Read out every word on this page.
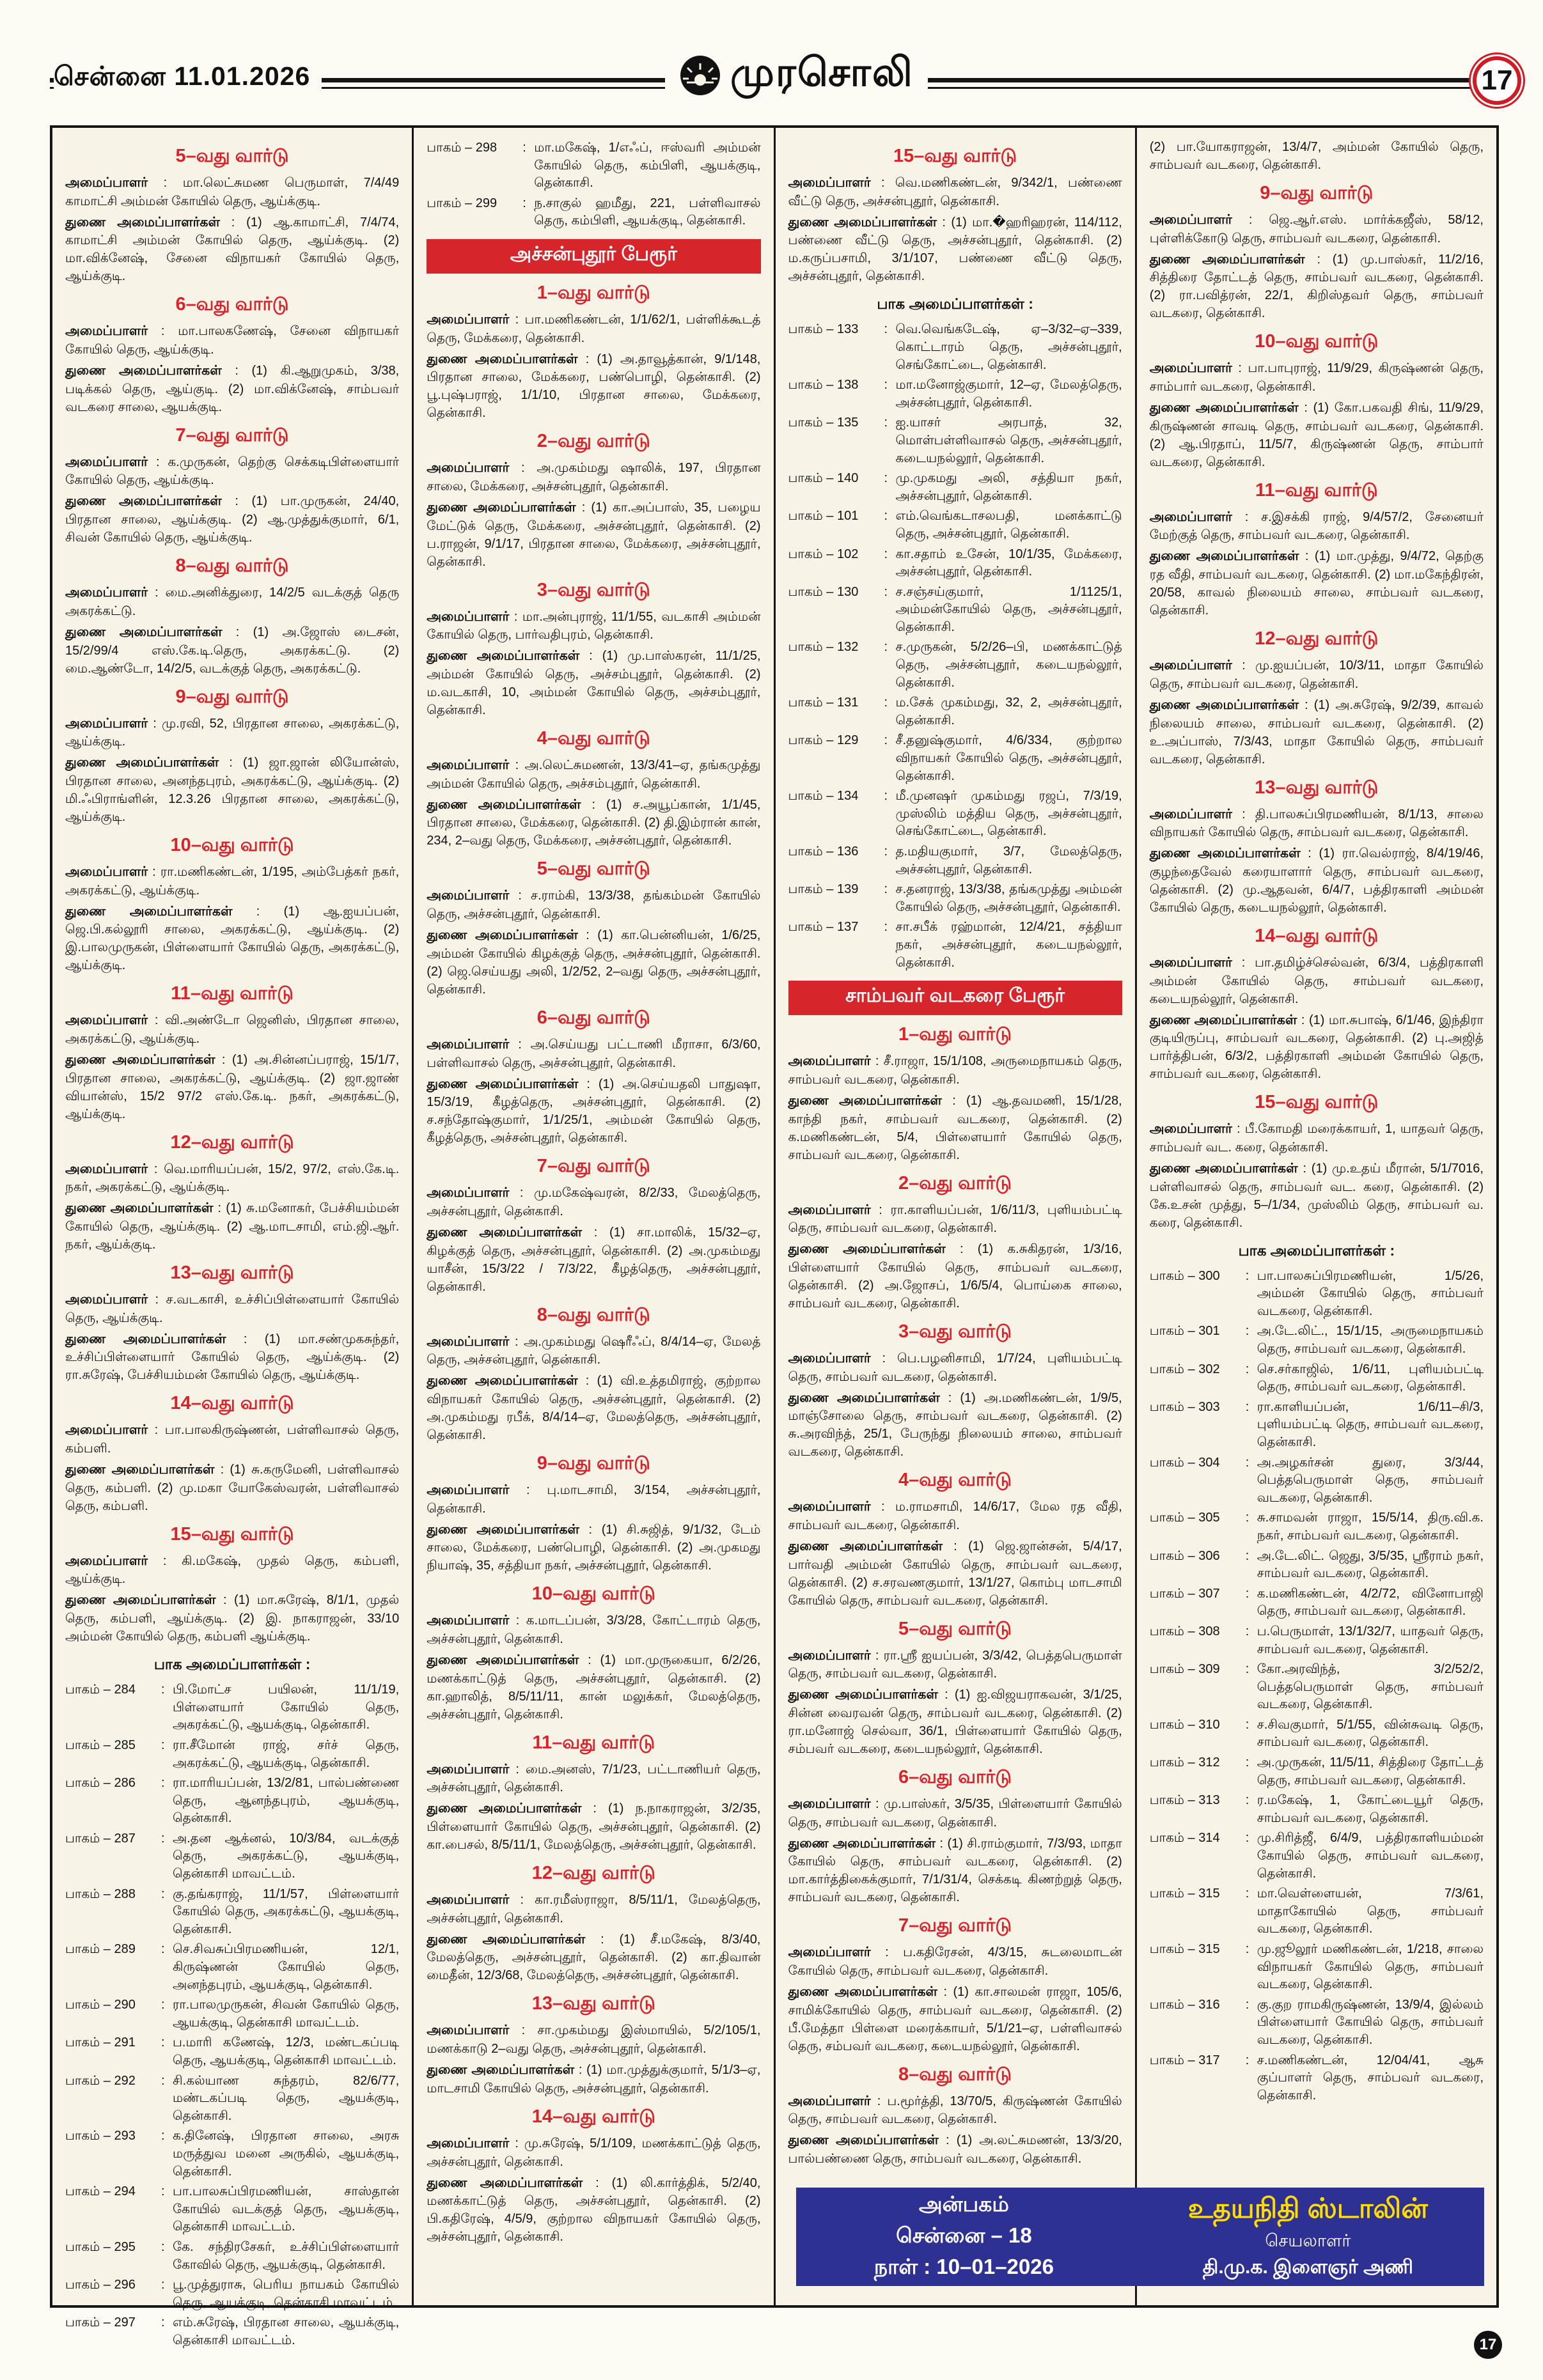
சென்னை 11.01.2026	முரசொலி	17
5–வது வார்டு

அமைப்பாளர் : மா.லெட்சுமண பெருமாள், 7/4/49 காமாட்சி அம்மன் கோயில் தெரு, ஆய்க்குடி.

துணை அமைப்பாளர்கள் : (1) ஆ.காமாட்சி, 7/4/74, காமாட்சி அம்மன் கோயில் தெரு, ஆய்க்குடி. (2) மா.விக்னேஷ், சேனை விநாயகர் கோயில் தெரு, ஆய்க்குடி.

6–வது வார்டு

அமைப்பாளர் : மா.பாலகணேஷ், சேனை விநாயகர் கோயில் தெரு, ஆய்க்குடி.

துணை அமைப்பாளர்கள் : (1) கி.ஆறுமுகம், 3/38, படிக்கல் தெரு, ஆய்குடி. (2) மா.விக்னேஷ், சாம்பவர் வடகரை சாலை, ஆயக்குடி.

7–வது வார்டு

அமைப்பாளர் : க.முருகன், தெற்கு செக்கடிபிள்ளையார் கோயில் தெரு, ஆய்க்குடி.

துணை அமைப்பாளர்கள் : (1) பா.முருகன், 24/40, பிரதான சாலை, ஆய்க்குடி. (2) ஆ.முத்துக்குமார், 6/1, சிவன் கோயில் தெரு, ஆய்க்குடி.

8–வது வார்டு

அமைப்பாளர் : மை.அனிக்துரை, 14/2/5 வடக்குத் தெரு அகரக்கட்டு.

துணை அமைப்பாளர்கள் : (1) அ.ஜோஸ் டைசன், 15/2/99/4 எஸ்.கே.டி.தெரு, அகரக்கட்டு. (2) மை.ஆண்டோ, 14/2/5, வடக்குத் தெரு, அகரக்கட்டு.

9–வது வார்டு

அமைப்பாளர் : மு.ரவி, 52, பிரதான சாலை, அகரக்கட்டு, ஆய்க்குடி.

துணை அமைப்பாளர்கள் : (1) ஜா.ஜான் லியோன்ஸ், பிரதான சாலை, அனந்தபுரம், அகரக்கட்டு, ஆய்க்குடி. (2) மி.ஃபிராங்ளின், 12.3.26 பிரதான சாலை, அகரக்கட்டு, ஆய்க்குடி.

10–வது வார்டு

அமைப்பாளர் : ரா.மணிகண்டன், 1/195, அம்பேத்கர் நகர், அகரக்கட்டு, ஆய்க்குடி.

துணை அமைப்பாளர்கள் : (1) ஆ.ஐயப்பன், ஜெ.பி.கல்லூரி சாலை, அகரக்கட்டு, ஆய்க்குடி. (2) இ.பாலமுருகன், பிள்ளையார் கோயில் தெரு, அகரக்கட்டு, ஆய்க்குடி.

11–வது வார்டு

அமைப்பாளர் : வி.அண்டோ ஜெனிஸ், பிரதான சாலை, அகரக்கட்டு, ஆய்க்குடி.

துணை அமைப்பாளர்கள் : (1) அ.சின்னப்பராஜ், 15/1/7, பிரதான சாலை, அகரக்கட்டு, ஆய்க்குடி. (2) ஜா.ஜாண் வியான்ஸ், 15/2 97/2 எஸ்.கே.டி. நகர், அகரக்கட்டு, ஆய்க்குடி.

12–வது வார்டு

அமைப்பாளர் : வெ.மாரியப்பன், 15/2, 97/2, எஸ்.கே.டி. நகர், அகரக்கட்டு, ஆய்க்குடி.

துணை அமைப்பாளர்கள் : (1) சு.மனோகர், பேச்சியம்மன் கோயில் தெரு, ஆய்க்குடி. (2) ஆ.மாடசாமி, எம்.ஜி.ஆர். நகர், ஆய்க்குடி.

13–வது வார்டு

அமைப்பாளர் : ச.வடகாசி, உச்சிப்பிள்ளையார் கோயில் தெரு, ஆய்க்குடி.

துணை அமைப்பாளர்கள் : (1) மா.சண்முகசுந்தர், உச்சிப்பிள்ளையார் கோயில் தெரு, ஆய்க்குடி. (2) ரா.சுரேஷ், பேச்சியம்மன் கோயில் தெரு, ஆய்க்குடி.

14–வது வார்டு

அமைப்பாளர் : பா.பாலகிருஷ்ணன், பள்ளிவாசல் தெரு, கம்பளி.

துணை அமைப்பாளர்கள் : (1) சு.கருமேனி, பள்ளிவாசல் தெரு, கம்பளி. (2) மு.மகா யோகேஸ்வரன், பள்ளிவாசல் தெரு, கம்பளி.

15–வது வார்டு

அமைப்பாளர் : கி.மகேஷ், முதல் தெரு, கம்பளி, ஆய்க்குடி.

துணை அமைப்பாளர்கள் : (1) மா.சுரேஷ், 8/1/1, முதல் தெரு, கம்பளி, ஆய்க்குடி. (2) இ. நாகராஜன், 33/10 அம்மன் கோயில் தெரு, கம்பளி ஆய்க்குடி.

பாக அமைப்பாளர்கள் :
பாகம் – 284	: பி.மோட்ச பயிலன், 11/1/19, பிள்ளையார் கோயில் தெரு, அகரக்கட்டு, ஆயக்குடி, தென்காசி.
பாகம் – 285	: ரா.சீமோன் ராஜ், சர்ச் தெரு, அகரக்கட்டு, ஆயக்குடி, தென்காசி.
பாகம் – 286	: ரா.மாரியப்பன், 13/2/81, பால்பண்ணை தெரு, ஆனந்தபுரம், ஆயக்குடி, தென்காசி.
பாகம் – 287	: அ.தன ஆக்னல், 10/3/84, வடக்குத் தெரு, அகரக்கட்டு, ஆயக்குடி, தென்காசி மாவட்டம்.
பாகம் – 288	: கு.தங்கராஜ், 11/1/57, பிள்ளையார் கோயில் தெரு, அகரக்கட்டு, ஆயக்குடி, தென்காசி.
பாகம் – 289	: செ.சிவசுப்பிரமணியன், 12/1, கிருஷ்ணன் கோயில் தெரு, அனந்தபுரம், ஆயக்குடி, தென்காசி.
பாகம் – 290	: ரா.பாலமுருகன், சிவன் கோயில் தெரு, ஆயக்குடி, தென்காசி மாவட்டம்.
பாகம் – 291	: ப.மாரி கணேஷ், 12/3, மண்டகப்படி தெரு, ஆயக்குடி, தென்காசி மாவட்டம்.
பாகம் – 292	: சி.கல்யாண சுந்தரம், 82/6/77, மண்டகப்படி தெரு, ஆயக்குடி, தென்காசி.
பாகம் – 293	: க.தினேஷ், பிரதான சாலை, அரசு மருத்துவ மனை அருகில், ஆயக்குடி, தென்காசி.
பாகம் – 294	: பா.பாலசுப்பிரமணியன், சாஸ்தான் கோயில் வடக்குத் தெரு, ஆயக்குடி, தென்காசி மாவட்டம்.
பாகம் – 295	: கே. சந்திரசேகர், உச்சிப்பிள்ளையார் கோவில் தெரு, ஆயக்குடி, தென்காசி.
பாகம் – 296	: பூ.முத்துராசு, பெரிய நாயகம் கோயில் தெரு, ஆயக்குடி, தென்காசி மாவட்டம்.
பாகம் – 297	: எம்.சுரேஷ், பிரதான சாலை, ஆயக்குடி, தென்காசி மாவட்டம்.
பாகம் – 298	: மா.மகேஷ், 1/எஃப், ஈஸ்வரி அம்மன் கோயில் தெரு, கம்பிளி, ஆயக்குடி, தென்காசி.
பாகம் – 299	: ந.சாகுல் ஹமீது, 221, பள்ளிவாசல் தெரு, கம்பிளி, ஆயக்குடி, தென்காசி.
அச்சன்புதூர் பேரூர்
1–வது வார்டு

அமைப்பாளர் : பா.மணிகண்டன், 1/1/62/1, பள்ளிக்கூடத் தெரு, மேக்கரை, தென்காசி.

துணை அமைப்பாளர்கள் : (1) அ.தாவூத்கான், 9/1/148, பிரதான சாலை, மேக்கரை, பண்பொழி, தென்காசி. (2) பூ.புஷ்பராஜ், 1/1/10, பிரதான சாலை, மேக்கரை, தென்காசி.

2–வது வார்டு

அமைப்பாளர் : அ.முகம்மது ஷாலிக், 197, பிரதான சாலை, மேக்கரை, அச்சன்புதூர், தென்காசி.

துணை அமைப்பாளர்கள் : (1) கா.அப்பாஸ், 35, பழைய மேட்டுக் தெரு, மேக்கரை, அச்சன்புதூர், தென்காசி. (2) ப.ராஜன், 9/1/17, பிரதான சாலை, மேக்கரை, அச்சன்புதூர், தென்காசி.

3–வது வார்டு

அமைப்பாளர் : மா.அன்புராஜ், 11/1/55, வடகாசி அம்மன் கோயில் தெரு, பார்வதிபுரம், தென்காசி.

துணை அமைப்பாளர்கள் : (1) மு.பாஸ்கரன், 11/1/25, அம்மன் கோயில் தெரு, அச்சம்புதூர், தென்காசி. (2) ம.வடகாசி, 10, அம்மன் கோயில் தெரு, அச்சம்புதூர், தென்காசி.

4–வது வார்டு

அமைப்பாளர் : அ.லெட்சுமணன், 13/3/41–ஏ, தங்கமுத்து அம்மன் கோயில் தெரு, அச்சம்புதூர், தென்காசி.

துணை அமைப்பாளர்கள் : (1) ச.அயூப்கான், 1/1/45, பிரதான சாலை, மேக்கரை, தென்காசி. (2) தி.இம்ரான் கான், 234, 2–வது தெரு, மேக்கரை, அச்சன்புதூர், தென்காசி.

5–வது வார்டு

அமைப்பாளர் : ச.ராம்கி, 13/3/38, தங்கம்மன் கோயில் தெரு, அச்சன்புதூர், தென்காசி.

துணை அமைப்பாளர்கள் : (1) கா.பென்னியன், 1/6/25, அம்மன் கோயில் கிழக்குத் தெரு, அச்சன்புதூர், தென்காசி. (2) ஜெ.செய்யது அலி, 1/2/52, 2–வது தெரு, அச்சன்புதூர், தென்காசி.

6–வது வார்டு

அமைப்பாளர் : அ.செய்யது பட்டாணி மீராசா, 6/3/60, பள்ளிவாசல் தெரு, அச்சன்புதூர், தென்காசி.

துணை அமைப்பாளர்கள் : (1) அ.செய்யதலி பாதுஷா, 15/3/19, கீழத்தெரு, அச்சன்புதூர், தென்காசி. (2) ச.சந்தோஷ்குமார், 1/1/25/1, அம்மன் கோயில் தெரு, கீழத்தெரு, அச்சன்புதூர், தென்காசி.

7–வது வார்டு

அமைப்பாளர் : மு.மகேஷ்வரன், 8/2/33, மேலத்தெரு, அச்சன்புதூர், தென்காசி.

துணை அமைப்பாளர்கள் : (1) சா.மாலிக், 15/32–ஏ, கிழக்குத் தெரு, அச்சன்புதூர், தென்காசி. (2) அ.முகம்மது யாசீன், 15/3/22 / 7/3/22, கீழத்தெரு, அச்சன்புதூர், தென்காசி.

8–வது வார்டு

அமைப்பாளர் : அ.முகம்மது ஷெரீஃப், 8/4/14–ஏ, மேலத் தெரு, அச்சன்புதூர், தென்காசி.

துணை அமைப்பாளர்கள் : (1) வி.உத்தமிராஜ், குற்றால விநாயகர் கோயில் தெரு, அச்சன்புதூர், தென்காசி. (2) அ.முகம்மது ரபீக், 8/4/14–ஏ, மேலத்தெரு, அச்சன்புதூர், தென்காசி.

9–வது வார்டு

அமைப்பாளர் : பு.மாடசாமி, 3/154, அச்சன்புதூர், தென்காசி.

துணை அமைப்பாளர்கள் : (1) சி.சுஜித், 9/1/32, டேம் சாலை, மேக்கரை, பண்பொழி, தென்காசி. (2) அ.முகமது நியாஷ், 35, சத்தியா நகர், அச்சன்புதூர், தென்காசி.

10–வது வார்டு

அமைப்பாளர் : க.மாடப்பன், 3/3/28, கோட்டாரம் தெரு, அச்சன்புதூர், தென்காசி.

துணை அமைப்பாளர்கள் : (1) மா.முருகையா, 6/2/26, மணக்காட்டுத் தெரு, அச்சன்புதூர், தென்காசி. (2) கா.ஹாலித், 8/5/11/11, கான் மலுக்கர், மேலத்தெரு, அச்சன்புதூர், தென்காசி.

11–வது வார்டு

அமைப்பாளர் : மை.அனஸ், 7/1/23, பட்டாணியர் தெரு, அச்சன்புதூர், தென்காசி.

துணை அமைப்பாளர்கள் : (1) ந.நாகராஜன், 3/2/35, பிள்ளையார் கோயில் தெரு, அச்சன்புதூர், தென்காசி. (2) கா.பைசல், 8/5/11/1, மேலத்தெரு, அச்சன்புதூர், தென்காசி.

12–வது வார்டு

அமைப்பாளர் : கா.ரமீஸ்ராஜா, 8/5/11/1, மேலத்தெரு, அச்சன்புதூர், தென்காசி.

துணை அமைப்பாளர்கள் : (1) சீ.மகேஷ், 8/3/40, மேலத்தெரு, அச்சன்புதூர், தென்காசி. (2) கா.திவான் மைதீன், 12/3/68, மேலத்தெரு, அச்சன்புதூர், தென்காசி.

13–வது வார்டு

அமைப்பாளர் : சா.முகம்மது இஸ்மாயில், 5/2/105/1, மணக்காடு 2–வது தெரு, அச்சன்புதூர், தென்காசி.

துணை அமைப்பாளர்கள் : (1) மா.முத்துக்குமார், 5/1/3–ஏ, மாடசாமி கோயில் தெரு, அச்சன்புதூர், தென்காசி.

14–வது வார்டு

அமைப்பாளர் : மு.சுரேஷ், 5/1/109, மணக்காட்டுத் தெரு, அச்சன்புதூர், தென்காசி.

துணை அமைப்பாளர்கள் : (1) லி.கார்த்திக், 5/2/40, மணக்காட்டுத் தெரு, அச்சன்புதூர், தென்காசி. (2) பி.கதிரேஷ், 4/5/9, குற்றால விநாயகர் கோயில் தெரு, அச்சன்புதூர், தென்காசி.

15–வது வார்டு

அமைப்பாளர் : வெ.மணிகண்டன், 9/342/1, பண்ணை வீட்டு தெரு, அச்சன்புதூர், தென்காசி.

துணை அமைப்பாளர்கள் : (1) மா.�ஹரிஹரன், 114/112, பண்ணை வீட்டு தெரு, அச்சன்புதூர், தென்காசி. (2) ம.கருப்பசாமி, 3/1/107, பண்ணை வீட்டு தெரு, அச்சன்புதூர், தென்காசி.

பாக அமைப்பாளர்கள் :
பாகம் – 133	: வெ.வெங்கடேஷ், ஏ–3/32–ஏ–339, கொட்டாரம் தெரு, அச்சன்புதூர், செங்கோட்டை, தென்காசி.
பாகம் – 138	: மா.மனோஜ்குமார், 12–ஏ, மேலத்தெரு, அச்சன்புதூர், தென்காசி.
பாகம் – 135	: ஐ.யாசர் அரபாத், 32, மொள்பள்ளிவாசல் தெரு, அச்சன்புதூர், கடையநல்லூர், தென்காசி.
பாகம் – 140	: மு.முகமது அலி, சத்தியா நகர், அச்சன்புதூர், தென்காசி.
பாகம் – 101	: எம்.வெங்கடாசலபதி, மனக்காட்டு தெரு, அச்சன்புதூர், தென்காசி.
பாகம் – 102	: கா.சதாம் உசேன், 10/1/35, மேக்கரை, அச்சன்புதூர், தென்காசி.
பாகம் – 130	: ச.சஞ்சய்குமார், 1/1125/1, அம்மன்கோயில் தெரு, அச்சன்புதூர், தென்காசி.
பாகம் – 132	: ச.முருகன், 5/2/26–பி, மணக்காட்டுத் தெரு, அச்சன்புதூர், கடையநல்லூர், தென்காசி.
பாகம் – 131	: ம.சேக் முகம்மது, 32, 2, அச்சன்புதூர், தென்காசி.
பாகம் – 129	: சீ.தனுஷ்குமார், 4/6/334, குற்றால விநாயகர் கோயில் தெரு, அச்சன்புதூர், தென்காசி.
பாகம் – 134	: மீ.முனஷர் முகம்மது ரஜப், 7/3/19, முஸ்லிம் மத்திய தெரு, அச்சன்புதூர், செங்கோட்டை, தென்காசி.
பாகம் – 136	: த.மதியகுமார், 3/7, மேலத்தெரு, அச்சன்புதூர், தென்காசி.
பாகம் – 139	: ச.தனராஜ், 13/3/38, தங்கமுத்து அம்மன் கோயில் தெரு, அச்சன்புதூர், தென்காசி.
பாகம் – 137	: சா.சபீக் ரஹ்மான், 12/4/21, சத்தியா நகர், அச்சன்புதூர், கடையநல்லூர், தென்காசி.
சாம்பவர் வடகரை பேரூர்
1–வது வார்டு

அமைப்பாளர் : சீ.ராஜா, 15/1/108, அருமைநாயகம் தெரு, சாம்பவர் வடகரை, தென்காசி.

துணை அமைப்பாளர்கள் : (1) ஆ.தவமணி, 15/1/28, காந்தி நகர், சாம்பவர் வடகரை, தென்காசி. (2) க.மணிகண்டன், 5/4, பிள்ளையார் கோயில் தெரு, சாம்பவர் வடகரை, தென்காசி.

2–வது வார்டு

அமைப்பாளர் : ரா.காளியப்பன், 1/6/11/3, புளியம்பட்டி தெரு, சாம்பவர் வடகரை, தென்காசி.

துணை அமைப்பாளர்கள் : (1) க.சுகிதரன், 1/3/16, பிள்ளையார் கோயில் தெரு, சாம்பவர் வடகரை, தென்காசி. (2) அ.ஜோசப், 1/6/5/4, பொய்கை சாலை, சாம்பவர் வடகரை, தென்காசி.

3–வது வார்டு

அமைப்பாளர் : பெ.பழனிசாமி, 1/7/24, புளியம்பட்டி தெரு, சாம்பவர் வடகரை, தென்காசி.

துணை அமைப்பாளர்கள் : (1) அ.மணிகண்டன், 1/9/5, மாஞ்சோலை தெரு, சாம்பவர் வடகரை, தென்காசி. (2) சு.அரவிந்த், 25/1, பேருந்து நிலையம் சாலை, சாம்பவர் வடகரை, தென்காசி.

4–வது வார்டு

அமைப்பாளர் : ம.ராமசாமி, 14/6/17, மேல ரத வீதி, சாம்பவர் வடகரை, தென்காசி.

துணை அமைப்பாளர்கள் : (1) ஜெ.ஜான்சன், 5/4/17, பார்வதி அம்மன் கோயில் தெரு, சாம்பவர் வடகரை, தென்காசி. (2) ச.சரவணகுமார், 13/1/27, கொம்பு மாடசாமி கோயில் தெரு, சாம்பவர் வடகரை, தென்காசி.

5–வது வார்டு

அமைப்பாளர் : ரா.ஸ்ரீ ஐயப்பன், 3/3/42, பெத்தபெருமாள் தெரு, சாம்பவர் வடகரை, தென்காசி.

துணை அமைப்பாளர்கள் : (1) ஐ.விஜயராகவன், 3/1/25, சின்ன வைரவன் தெரு, சாம்பவர் வடகரை, தென்காசி. (2) ரா.மனோஜ் செல்வா, 36/1, பிள்ளையார் கோயில் தெரு, சம்பவர் வடகரை, கடையநல்லூர், தென்காசி.

6–வது வார்டு

அமைப்பாளர் : மு.பாஸ்கர், 3/5/35, பிள்ளையார் கோயில் தெரு, சாம்பவர் வடகரை, தென்காசி.

துணை அமைப்பாளர்கள் : (1) சி.ராம்குமார், 7/3/93, மாதா கோயில் தெரு, சாம்பவர் வடகரை, தென்காசி. (2) மா.கார்த்திகைக்குமார், 7/1/31/4, செக்கடி கிணற்றுத் தெரு, சாம்பவர் வடகரை, தென்காசி.

7–வது வார்டு

அமைப்பாளர் : ப.கதிரேசன், 4/3/15, சுடலைமாடன் கோயில் தெரு, சாம்பவர் வடகரை, தென்காசி.

துணை அமைப்பாளர்கள் : (1) கா.சாலமன் ராஜா, 105/6, சாமிக்கோயில் தெரு, சாம்பவர் வடகரை, தென்காசி. (2) பீ.மேத்தா பிள்ளை மரைக்காயர், 5/1/21–ஏ, பள்ளிவாசல் தெரு, சம்பவர் வடகரை, கடையநல்லூர், தென்காசி.

8–வது வார்டு

அமைப்பாளர் : ப.மூர்த்தி, 13/70/5, கிருஷ்ணன் கோயில் தெரு, சாம்பவர் வடகரை, தென்காசி.

துணை அமைப்பாளர்கள் : (1) அ.லட்சுமணன், 13/3/20, பால்பண்ணை தெரு, சாம்பவர் வடகரை, தென்காசி.

(2) பா.யோகராஜன், 13/4/7, அம்மன் கோயில் தெரு, சாம்பவர் வடகரை, தென்காசி.

9–வது வார்டு

அமைப்பாளர் : ஜெ.ஆர்.எஸ். மார்க்கஜீஸ், 58/12, புள்ளிக்கோடு தெரு, சாம்பவர் வடகரை, தென்காசி.

துணை அமைப்பாளர்கள் : (1) மு.பாஸ்கர், 11/2/16, சித்திரை தோட்டத் தெரு, சாம்பவர் வடகரை, தென்காசி. (2) ரா.பவித்ரன், 22/1, கிறிஸ்தவர் தெரு, சாம்பவர் வடகரை, தென்காசி.

10–வது வார்டு

அமைப்பாளர் : பா.பாபுராஜ், 11/9/29, கிருஷ்ணன் தெரு, சாம்பார் வடகரை, தென்காசி.

துணை அமைப்பாளர்கள் : (1) கோ.பகவதி சிங், 11/9/29, கிருஷ்ணன் சாவடி தெரு, சாம்பவர் வடகரை, தென்காசி. (2) ஆ.பிரதாப், 11/5/7, கிருஷ்ணன் தெரு, சாம்பார் வடகரை, தென்காசி.

11–வது வார்டு

அமைப்பாளர் : ச.இசக்கி ராஜ், 9/4/57/2, சேனையர் மேற்குத் தெரு, சாம்பவர் வடகரை, தென்காசி.

துணை அமைப்பாளர்கள் : (1) மா.முத்து, 9/4/72, தெற்கு ரத வீதி, சாம்பவர் வடகரை, தென்காசி. (2) மா.மகேந்திரன், 20/58, காவல் நிலையம் சாலை, சாம்பவர் வடகரை, தென்காசி.

12–வது வார்டு

அமைப்பாளர் : மு.ஐயப்பன், 10/3/11, மாதா கோயில் தெரு, சாம்பவர் வடகரை, தென்காசி.

துணை அமைப்பாளர்கள் : (1) அ.சுரேஷ், 9/2/39, காவல் நிலையம் சாலை, சாம்பவர் வடகரை, தென்காசி. (2) உ.அப்பாஸ், 7/3/43, மாதா கோயில் தெரு, சாம்பவர் வடகரை, தென்காசி.

13–வது வார்டு

அமைப்பாளர் : தி.பாலசுப்பிரமணியன், 8/1/13, சாலை விநாயகர் கோயில் தெரு, சாம்பவர் வடகரை, தென்காசி.

துணை அமைப்பாளர்கள் : (1) ரா.வெல்ராஜ், 8/4/19/46, குழந்தைவேல் கரையாளார் தெரு, சாம்பவர் வடகரை, தென்காசி. (2) மு.ஆதவன், 6/4/7, பத்திரகாளி அம்மன் கோயில் தெரு, கடையநல்லூர், தென்காசி.

14–வது வார்டு

அமைப்பாளர் : பா.தமிழ்ச்செல்வன், 6/3/4, பத்திரகாளி அம்மன் கோயில் தெரு, சாம்பவர் வடகரை, கடையநல்லூர், தென்காசி.

துணை அமைப்பாளர்கள் : (1) மா.சுபாஷ், 6/1/46, இந்திரா குடியிருப்பு, சாம்பவர் வடகரை, தென்காசி. (2) பு.அஜித் பார்த்திபன், 6/3/2, பத்திரகாளி அம்மன் கோயில் தெரு, சாம்பவர் வடகரை, தென்காசி.

15–வது வார்டு

அமைப்பாளர் : பீ.கோமதி மரைக்காயர், 1, யாதவர் தெரு, சாம்பவர் வட. கரை, தென்காசி.

துணை அமைப்பாளர்கள் : (1) மு.உதய் மீரான், 5/1/7016, பள்ளிவாசல் தெரு, சாம்பவர் வட. கரை, தென்காசி. (2) கே.உசன் முத்து, 5–/1/34, முஸ்லிம் தெரு, சாம்பவர் வ. கரை, தென்காசி.

பாக அமைப்பாளர்கள் :
பாகம் – 300	: பா.பாலசுப்பிரமணியன், 1/5/26, அம்மன் கோயில் தெரு, சாம்பவர் வடகரை, தென்காசி.
பாகம் – 301	: அ.டே.லிட்., 15/1/15, அருமைநாயகம் தெரு, சாம்பவர் வடகரை, தென்காசி.
பாகம் – 302	: செ.சர்காஜில், 1/6/11, புளியம்பட்டி தெரு, சாம்பவர் வடகரை, தென்காசி.
பாகம் – 303	: ரா.காளியப்பன், 1/6/11–சி/3, புளியம்பட்டி தெரு, சாம்பவர் வடகரை, தென்காசி.
பாகம் – 304	: அ.அழகர்சன் துரை, 3/3/44, பெத்தபெருமாள் தெரு, சாம்பவர் வடகரை, தென்காசி.
பாகம் – 305	: சு.சாமவன் ராஜா, 15/5/14, திரு.வி.க. நகர், சாம்பவர் வடகரை, தென்காசி.
பாகம் – 306	: அ.டே.லிட். ஜெது, 3/5/35, ஸ்ரீராம் நகர், சாம்பவர் வடகரை, தென்காசி.
பாகம் – 307	: க.மணிகண்டன், 4/2/72, வினோபாஜி தெரு, சாம்பவர் வடகரை, தென்காசி.
பாகம் – 308	: ப.பெருமாள், 13/1/32/7, யாதவர் தெரு, சாம்பவர் வடகரை, தென்காசி.
பாகம் – 309	: கோ.அரவிந்த், 3/2/52/2, பெத்தபெருமாள் தெரு, சாம்பவர் வடகரை, தென்காசி.
பாகம் – 310	: ச.சிவகுமார், 5/1/55, வின்சுவடி தெரு, சாம்பவர் வடகரை, தென்காசி.
பாகம் – 312	: அ.முருகன், 11/5/11, சித்திரை தோட்டத் தெரு, சாம்பவர் வடகரை, தென்காசி.
பாகம் – 313	: ர.மகேஷ், 1, கோட்டையூர் தெரு, சாம்பவர் வடகரை, தென்காசி.
பாகம் – 314	: மு.சிரித்ஜீ, 6/4/9, பத்திரகாளியம்மன் கோயில் தெரு, சாம்பவர் வடகரை, தென்காசி.
பாகம் – 315	: மா.வெள்ளையன், 7/3/61, மாதாகோயில் தெரு, சாம்பவர் வடகரை, தென்காசி.
பாகம் – 315	: மு.ஜூலூர் மணிகண்டன், 1/218, சாலை விநாயகர் கோயில் தெரு, சாம்பவர் வடகரை, தென்காசி.
பாகம் – 316	: கு.குற ராமகிருஷ்ணன், 13/9/4, இல்லம் பிள்ளையார் கோயில் தெரு, சாம்பவர் வடகரை, தென்காசி.
பாகம் – 317	: ச.மணிகண்டன், 12/04/41, ஆசு குப்பாளர் தெரு, சாம்பவர் வடகரை, தென்காசி.
அன்பகம்
சென்னை – 18
நாள் : 10–01–2026
உதயநிதி ஸ்டாலின்
செயலாளர்
தி.மு.க. இளைஞர் அணி
17
